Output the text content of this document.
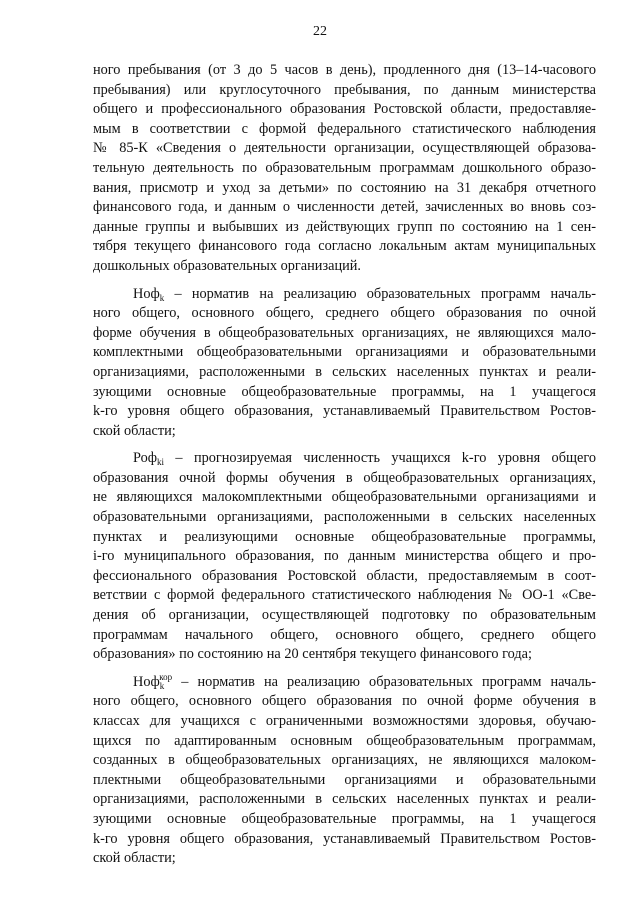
22

ного пребывания (от 3 до 5 часов в день), продленного дня (13–14-часового
пребывания) или круглосуточного пребывания, по данным министерства
общего и профессионального образования Ростовской области, предоставляе-
мым в соответствии с формой федерального статистического наблюдения
№ 85-К «Сведения о деятельности организации, осуществляющей образова-
тельную деятельность по образовательным программам дошкольного образо-
вания, присмотр и уход за детьми» по состоянию на 31 декабря отчетного
финансового года, и данным о численности детей, зачисленных во вновь соз-
данные группы и выбывших из действующих групп по состоянию на 1 сен-
тября текущего финансового года согласно локальным актам муниципальных
дошкольных образовательных организаций.

Ноф$_k$ – норматив на реализацию образовательных программ началь-
ного общего, основного общего, среднего общего образования по очной
форме обучения в общеобразовательных организациях, не являющихся мало-
комплектными общеобразовательными организациями и образовательными
организациями, расположенными в сельских населенных пунктах и реали-
зующими основные общеобразовательные программы, на 1 учащегося
k-го уровня общего образования, устанавливаемый Правительством Ростов-
ской области;

Роф$_{ki}$ – прогнозируемая численность учащихся k-го уровня общего
образования очной формы обучения в общеобразовательных организациях,
не являющихся малокомплектными общеобразовательными организациями и
образовательными организациями, расположенными в сельских населенных
пунктах и реализующими основные общеобразовательные программы,
i-го муниципального образования, по данным министерства общего и про-
фессионального образования Ростовской области, предоставляемым в соот-
ветствии с формой федерального статистического наблюдения № ОО-1 «Све-
дения об организации, осуществляющей подготовку по образовательным
программам начального общего, основного общего, среднего общего
образования» по состоянию на 20 сентября текущего финансового года;

Ноф$_k^{кор}$ – норматив на реализацию образовательных программ началь-
ного общего, основного общего образования по очной форме обучения в
классах для учащихся с ограниченными возможностями здоровья, обучаю-
щихся по адаптированным основным общеобразовательным программам,
созданных в общеобразовательных организациях, не являющихся малоком-
плектными общеобразовательными организациями и образовательными
организациями, расположенными в сельских населенных пунктах и реали-
зующими основные общеобразовательные программы, на 1 учащегося
k-го уровня общего образования, устанавливаемый Правительством Ростов-
ской области;
